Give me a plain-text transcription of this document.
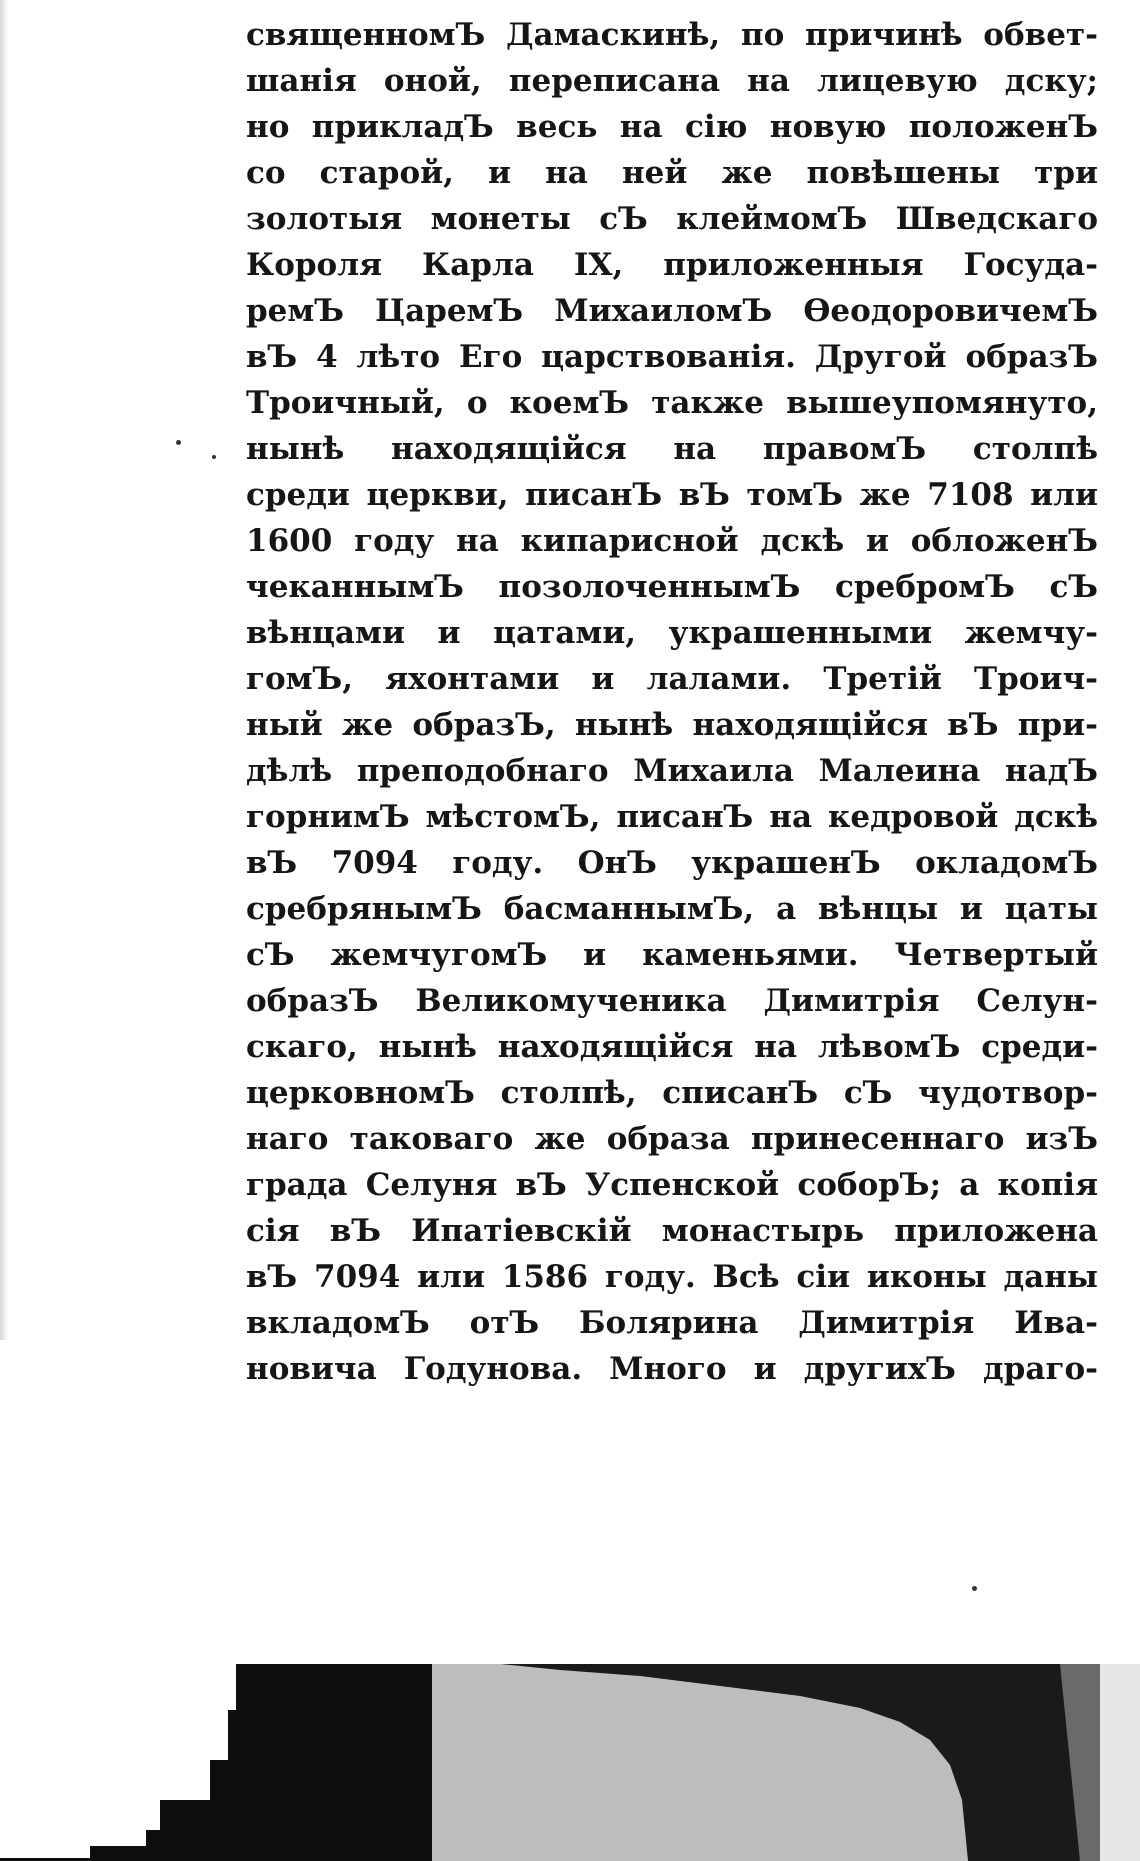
священномЪ Дамаскинѣ, по причинѣ обвет-
шанія оной, переписана на лицевую дску;
но прикладЪ весь на сію новую положенЪ
со старой, и на ней же повѣшены три
золотыя монеты сЪ клеймомЪ Шведскаго
Короля Карла IX, приложенныя Госуда-
ремЪ ЦаремЪ МихаиломЪ ѲеодоровичемЪ
вЪ 4 лѣто Его царствованія. Другой образЪ
Троичный, о коемЪ также вышеупомянуто,
нынѣ находящійся на правомЪ столпѣ
среди церкви, писанЪ вЪ томЪ же 7108 или
1600 году на кипарисной дскѣ и обложенЪ
чеканнымЪ позолоченнымЪ сребромЪ сЪ
вѣнцами и цатами, украшенными жемчу-
гомЪ, яхонтами и лалами. Третій Троич-
ный же образЪ, нынѣ находящійся вЪ при-
дѣлѣ преподобнаго Михаила Малеина надЪ
горнимЪ мѣстомЪ, писанЪ на кедровой дскѣ
вЪ 7094 году. ОнЪ украшенЪ окладомЪ
сребрянымЪ басманнымЪ, а вѣнцы и цаты
сЪ жемчугомЪ и каменьями. Четвертый
образЪ Великомученика Димитрія Селун-
скаго, нынѣ находящійся на лѣвомЪ среди-
церковномЪ столпѣ, списанЪ сЪ чудотвор-
наго таковаго же образа принесеннаго изЪ
града Селуня вЪ Успенской соборЪ; а копія
сія вЪ Ипатіевскій монастырь приложена
вЪ 7094 или 1586 году. Всѣ сіи иконы даны
вкладомЪ отЪ Болярина Димитрія Ива-
новича Годунова. Много и другихЪ драго-
